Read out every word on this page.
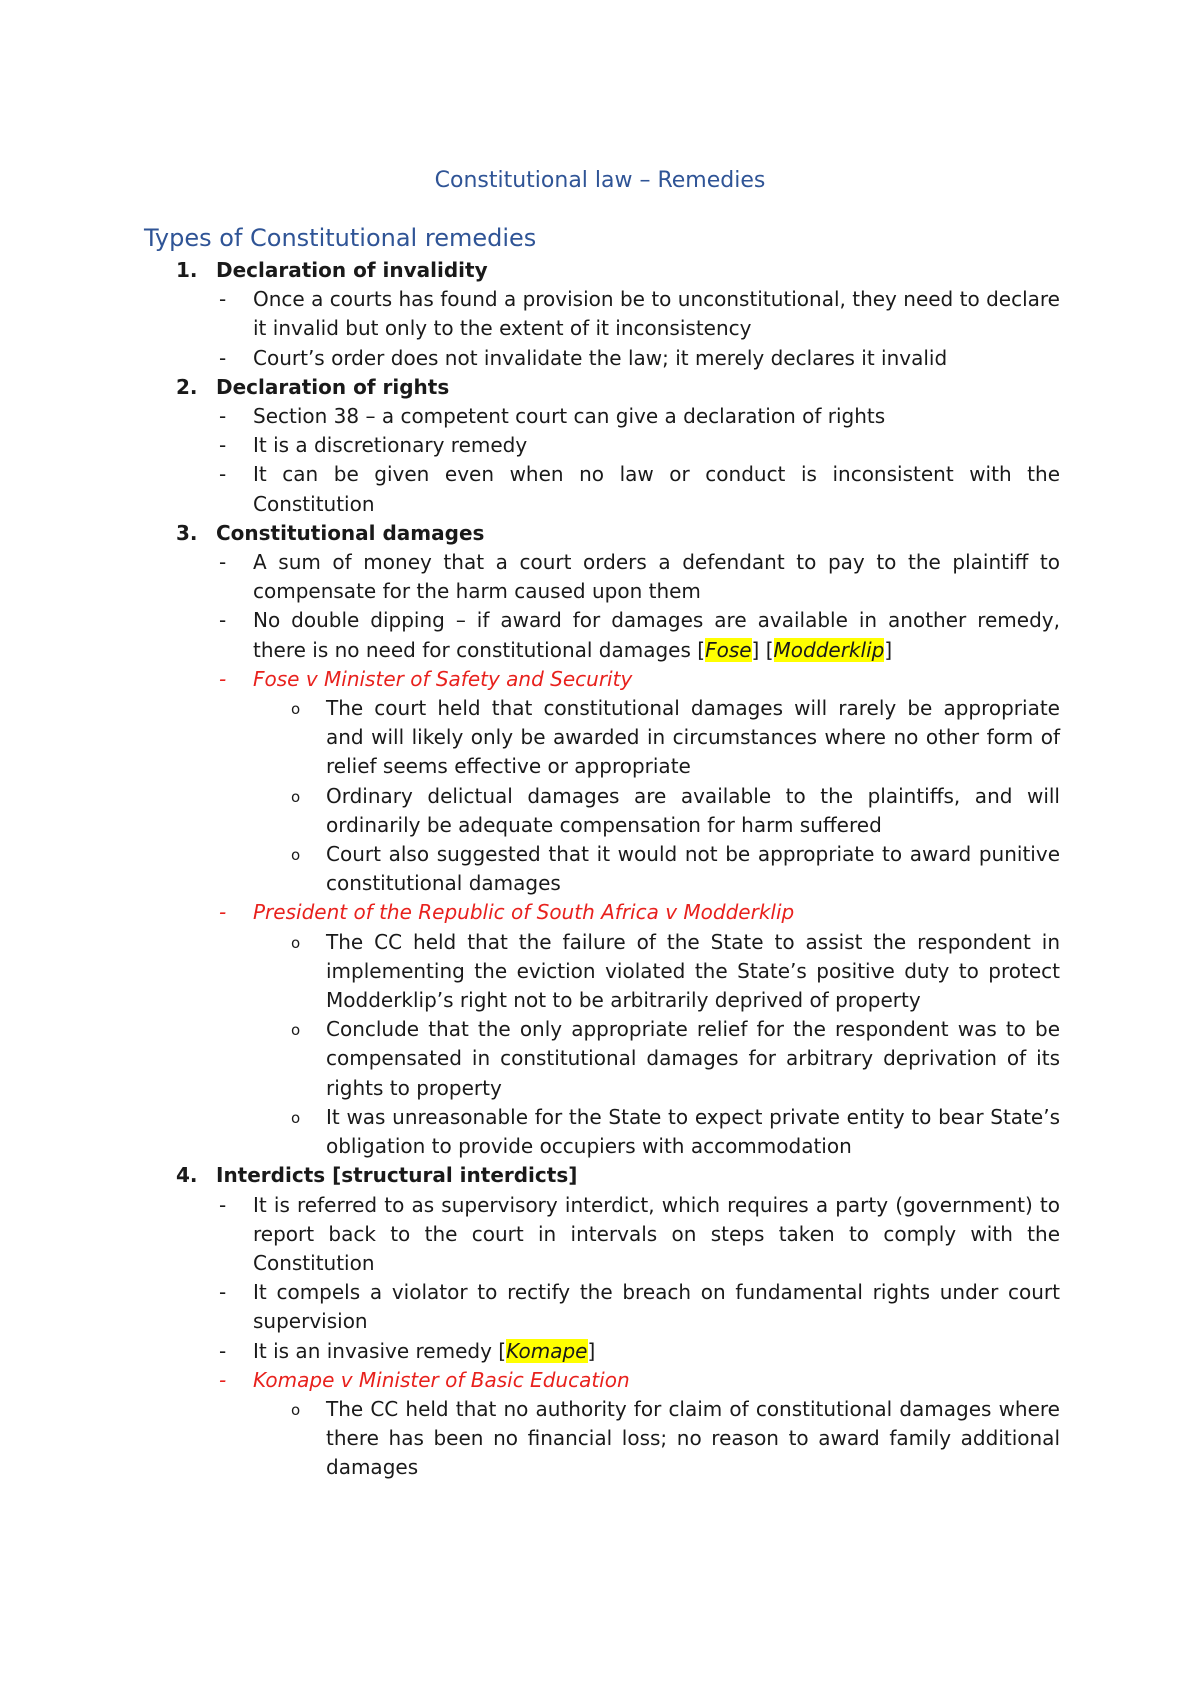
Constitutional law – Remedies
Types of Constitutional remedies
1. Declaration of invalidity
- Once a courts has found a provision be to unconstitutional, they need to declare it invalid but only to the extent of it inconsistency
- Court’s order does not invalidate the law; it merely declares it invalid
2. Declaration of rights
- Section 38 – a competent court can give a declaration of rights
- It is a discretionary remedy
- It can be given even when no law or conduct is inconsistent with the Constitution
3. Constitutional damages
- A sum of money that a court orders a defendant to pay to the plaintiff to compensate for the harm caused upon them
- No double dipping – if award for damages are available in another remedy, there is no need for constitutional damages [Fose] [Modderklip]
- Fose v Minister of Safety and Security
o The court held that constitutional damages will rarely be appropriate and will likely only be awarded in circumstances where no other form of relief seems effective or appropriate
o Ordinary delictual damages are available to the plaintiffs, and will ordinarily be adequate compensation for harm suffered
o Court also suggested that it would not be appropriate to award punitive constitutional damages
- President of the Republic of South Africa v Modderklip
o The CC held that the failure of the State to assist the respondent in implementing the eviction violated the State’s positive duty to protect Modderklip’s right not to be arbitrarily deprived of property
o Conclude that the only appropriate relief for the respondent was to be compensated in constitutional damages for arbitrary deprivation of its rights to property
o It was unreasonable for the State to expect private entity to bear State’s obligation to provide occupiers with accommodation
4. Interdicts [structural interdicts]
- It is referred to as supervisory interdict, which requires a party (government) to report back to the court in intervals on steps taken to comply with the Constitution
- It compels a violator to rectify the breach on fundamental rights under court supervision
- It is an invasive remedy [Komape]
- Komape v Minister of Basic Education
o The CC held that no authority for claim of constitutional damages where there has been no financial loss; no reason to award family additional damages
